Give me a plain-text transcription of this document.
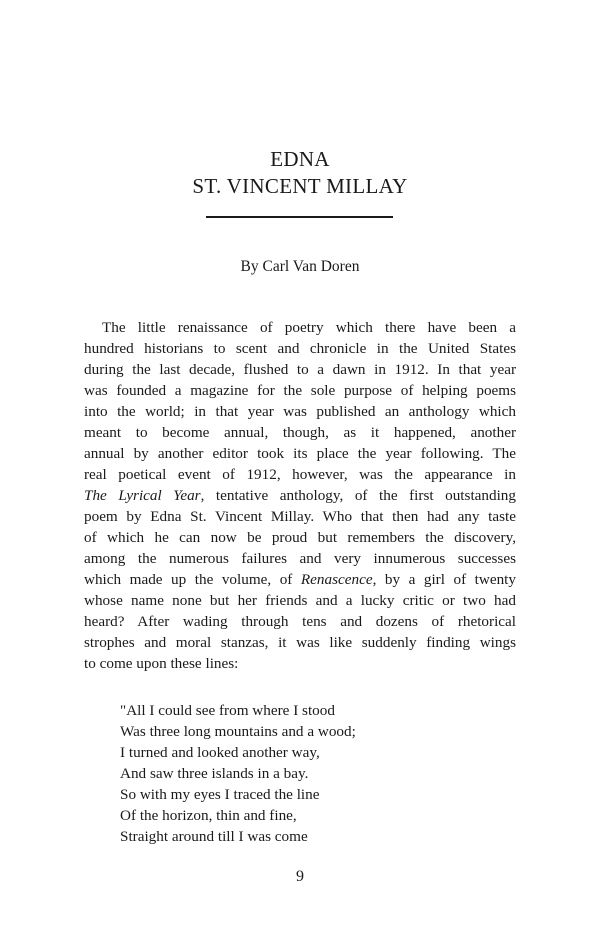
EDNA
ST. VINCENT MILLAY
By Carl Van Doren
The little renaissance of poetry which there have been a
hundred historians to scent and chronicle in the United States
during the last decade, flushed to a dawn in 1912. In that year
was founded a magazine for the sole purpose of helping poems
into the world; in that year was published an anthology which
meant to become annual, though, as it happened, another
annual by another editor took its place the year following. The
real poetical event of 1912, however, was the appearance in
The Lyrical Year, tentative anthology, of the first outstanding
poem by Edna St. Vincent Millay. Who that then had any taste
of which he can now be proud but remembers the discovery,
among the numerous failures and very innumerous successes
which made up the volume, of Renascence, by a girl of twenty
whose name none but her friends and a lucky critic or two had
heard? After wading through tens and dozens of rhetorical
strophes and moral stanzas, it was like suddenly finding wings
to come upon these lines:
"All I could see from where I stood
Was three long mountains and a wood;
I turned and looked another way,
And saw three islands in a bay.
So with my eyes I traced the line
Of the horizon, thin and fine,
Straight around till I was come
9
